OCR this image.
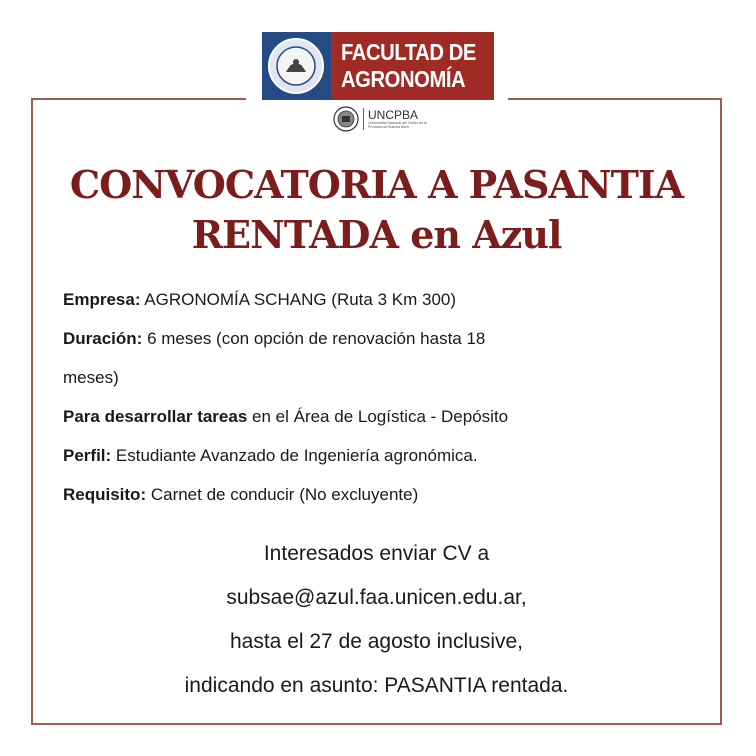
FACULTAD DE
AGRONOMÍA
UNCPBA
Universidad Nacional del Centro de la Provincia de Buenos Aires
CONVOCATORIA A PASANTIA
RENTADA en Azul
Empresa: AGRONOMÍA SCHANG (Ruta 3 Km 300)
Duración: 6 meses (con opción de renovación hasta 18
meses)
Para desarrollar tareas en el Área de Logística - Depósito
Perfil: Estudiante Avanzado de Ingeniería agronómica.
Requisito: Carnet de conducir (No excluyente)
Interesados enviar CV a
subsae@azul.faa.unicen.edu.ar,
hasta el 27 de agosto inclusive,
indicando en asunto: PASANTIA rentada.
